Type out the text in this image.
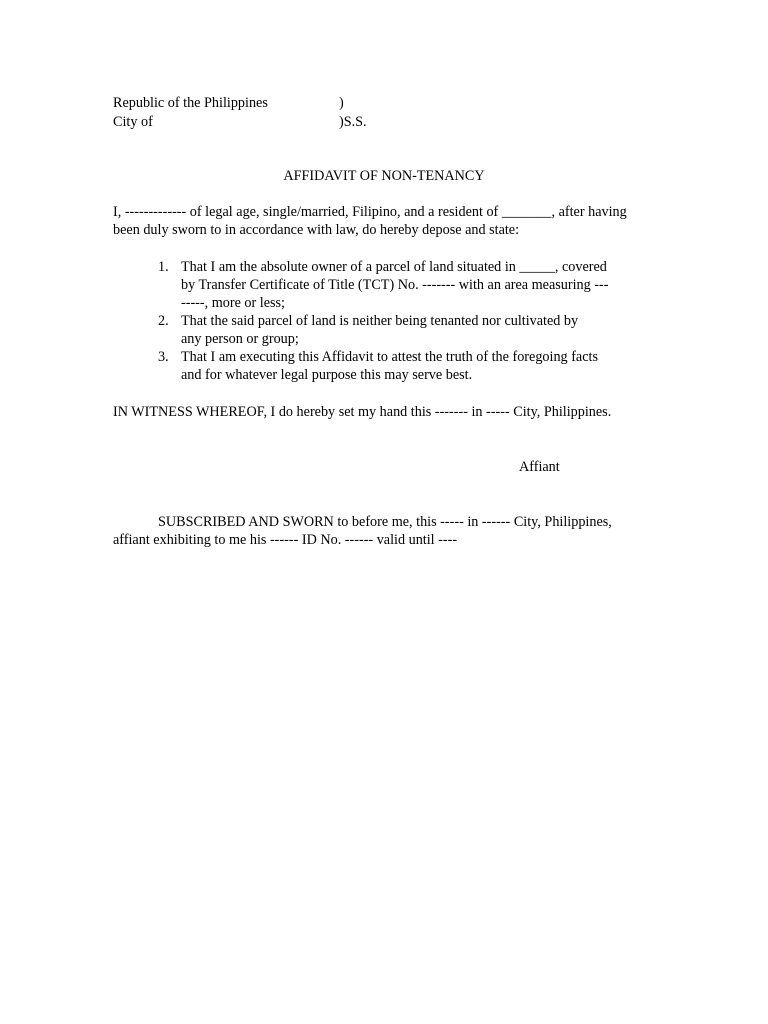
Republic of the Philippines	)
City of	)S.S.
AFFIDAVIT OF NON-TENANCY
I, ------------- of legal age, single/married, Filipino, and a resident of _______, after having been duly sworn to in accordance with law, do hereby depose and state:
1. That I am the absolute owner of a parcel of land situated in _____, covered
by Transfer Certificate of Title (TCT) No. ------- with an area measuring ---
-----, more or less;
2. That the said parcel of land is neither being tenanted nor cultivated by
any person or group;
3. That I am executing this Affidavit to attest the truth of the foregoing facts
and for whatever legal purpose this may serve best.
IN WITNESS WHEREOF, I do hereby set my hand this ------- in ----- City, Philippines.
Affiant
SUBSCRIBED AND SWORN to before me, this ----- in ------ City, Philippines, affiant exhibiting to me his ------ ID No. ------ valid until ----
